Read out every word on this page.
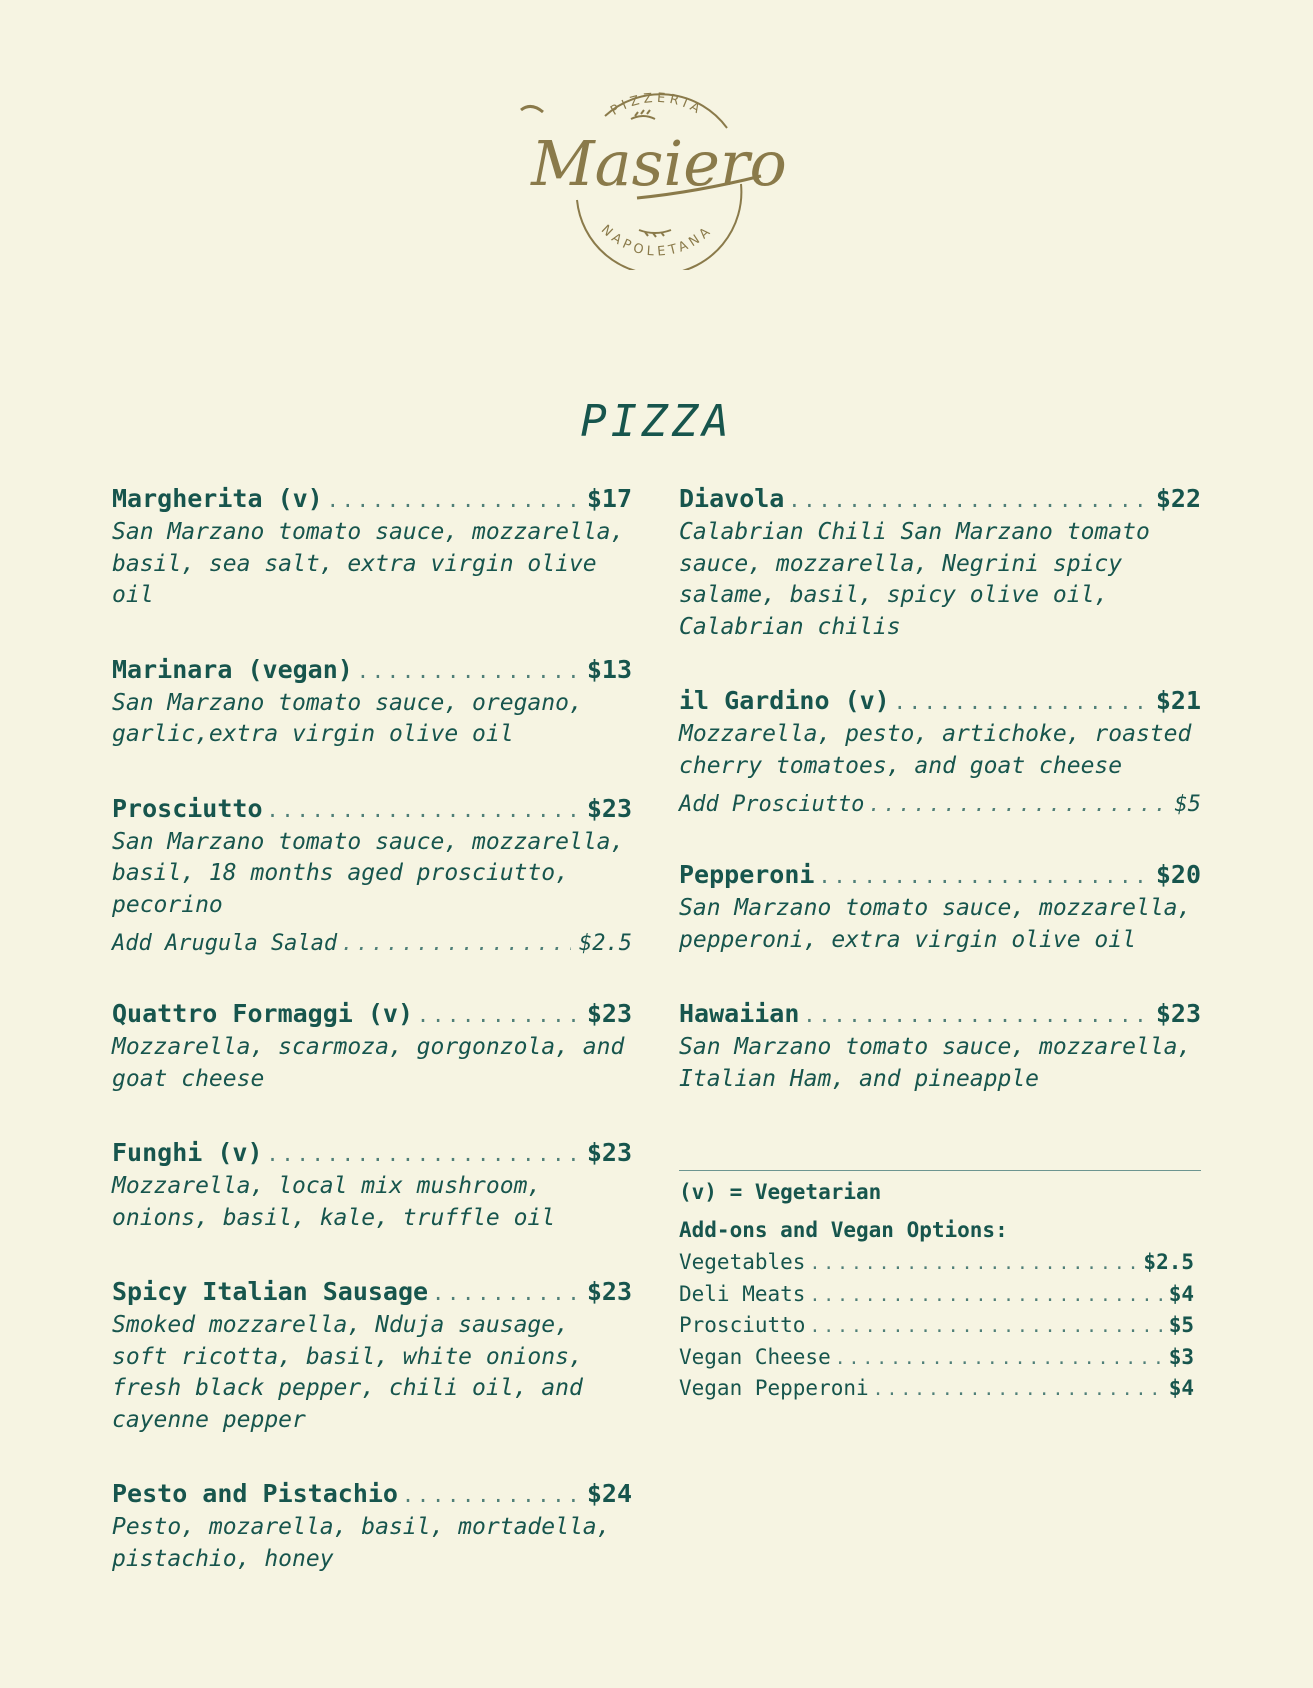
PIZZERIA
NAPOLETANA
Masiero
PIZZA
Margherita (v) .....	$17
San Marzano tomato sauce, mozzarella, basil, sea salt, extra virgin olive oil
Marinara (vegan) .....	$13
San Marzano tomato sauce, oregano, garlic,extra virgin olive oil
Prosciutto .....	$23
San Marzano tomato sauce, mozzarella, basil, 18 months aged prosciutto, pecorino
Add Arugula Salad .....	$2.5
Quattro Formaggi (v) .....	$23
Mozzarella, scarmoza, gorgonzola, and goat cheese
Funghi (v) .....	$23
Mozzarella, local mix mushroom, onions, basil, kale, truffle oil
Spicy Italian Sausage .....	$23
Smoked mozzarella, Nduja sausage, soft ricotta, basil, white onions, fresh black pepper, chili oil, and cayenne pepper
Pesto and Pistachio .....	$24
Pesto, mozarella, basil, mortadella, pistachio, honey
Diavola .....	$22
Calabrian Chili San Marzano tomato sauce, mozzarella, Negrini spicy salame, basil, spicy olive oil, Calabrian chilis
il Gardino (v) .....	$21
Mozzarella, pesto, artichoke, roasted cherry tomatoes, and goat cheese
Add Prosciutto .....	$5
Pepperoni .....	$20
San Marzano tomato sauce, mozzarella, pepperoni, extra virgin olive oil
Hawaiian .....	$23
San Marzano tomato sauce, mozzarella, Italian Ham, and pineapple
(v) = Vegetarian
Add-ons and Vegan Options:
Vegetables .....	$2.5
Deli Meats .....	$4
Prosciutto .....	$5
Vegan Cheese .....	$3
Vegan Pepperoni .....	$4
